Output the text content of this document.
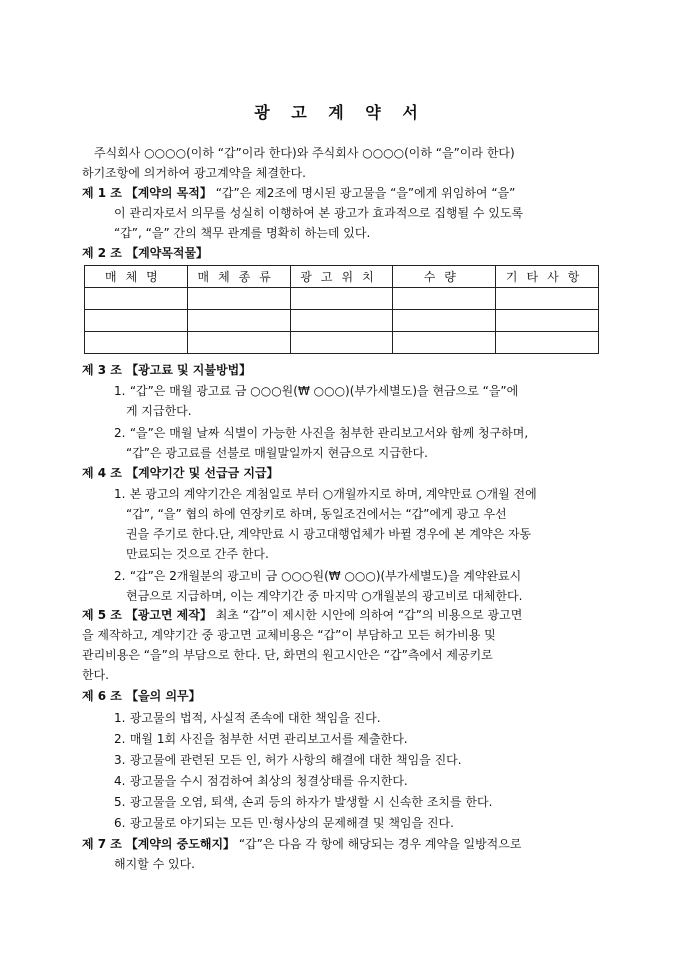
광 고 계 약 서
주식회사 ○○○○(이하 “갑”이라 한다)와 주식회사 ○○○○(이하 “을”이라 한다)
하기조항에 의거하여 광고계약을 체결한다.
제 1 조 【계약의 목적】 “갑”은 제2조에 명시된 광고물을 “을”에게 위임하여 “을”
이 관리자로서 의무를 성실히 이행하여 본 광고가 효과적으로 집행될 수 있도록
“갑”, “을” 간의 책무 관계를 명확히 하는데 있다.
제 2 조 【계약목적물】
매체명	매체종류	광고위치	수량	기타사항

제 3 조 【광고료 및 지불방법】
1. “갑”은 매월 광고료 금 ○○○원(₩ ○○○)(부가세별도)을 현금으로 “을”에
게 지급한다.
2. “을”은 매월 날짜 식별이 가능한 사진을 첨부한 관리보고서와 함께 청구하며,
“갑”은 광고료를 선불로 매월말일까지 현금으로 지급한다.
제 4 조 【계약기간 및 선급금 지급】
1. 본 광고의 계약기간은 계첨일로 부터 ○개월까지로 하며, 계약만료 ○개월 전에
“갑”, “을” 협의 하에 연장키로 하며, 동일조건에서는 “갑”에게 광고 우선
권을 주기로 한다.단, 계약만료 시 광고대행업체가 바뀔 경우에 본 계약은 자동
만료되는 것으로 간주 한다.
2. “갑”은 2개월분의 광고비 금 ○○○원(₩ ○○○)(부가세별도)을 계약완료시
현금으로 지급하며, 이는 계약기간 중 마지막 ○개월분의 광고비로 대체한다.
제 5 조 【광고면 제작】 최초 “갑”이 제시한 시안에 의하여 “갑”의 비용으로 광고면
을 제작하고, 계약기간 중 광고면 교체비용은 “갑”이 부담하고 모든 허가비용 및
관리비용은 “을”의 부담으로 한다. 단, 화면의 원고시안은 “갑”측에서 제공키로
한다.
제 6 조 【을의 의무】
1. 광고물의 법적, 사실적 존속에 대한 책임을 진다.
2. 매월 1회 사진을 첨부한 서면 관리보고서를 제출한다.
3. 광고물에 관련된 모든 인, 허가 사항의 해결에 대한 책임을 진다.
4. 광고물을 수시 점검하여 최상의 청결상태를 유지한다.
5. 광고물을 오염, 퇴색, 손괴 등의 하자가 발생할 시 신속한 조치를 한다.
6. 광고물로 야기되는 모든 민·형사상의 문제해결 및 책임을 진다.
제 7 조 【계약의 중도해지】 “갑”은 다음 각 항에 해당되는 경우 계약을 일방적으로
해지할 수 있다.
